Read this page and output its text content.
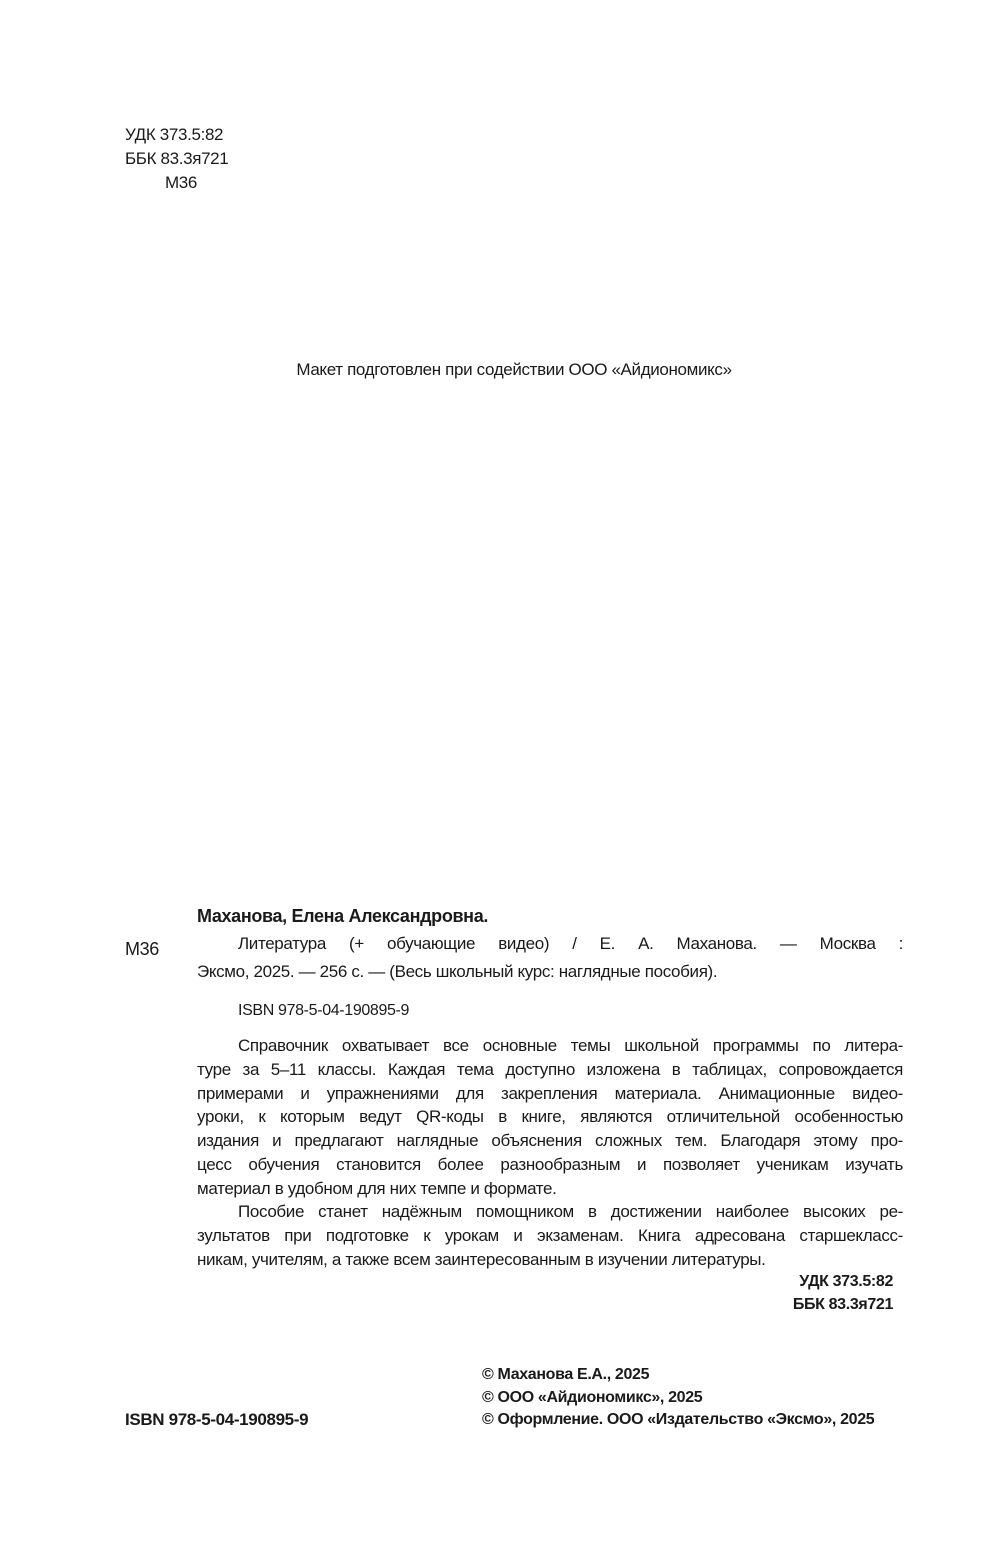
УДК 373.5:82
ББК 83.3я721
М36
Макет подготовлен при содействии ООО «Айдиономикс»
Маханова, Елена Александровна.
М36	Литература (+ обучающие видео) / Е. А. Маханова. — Москва :
Эксмо, 2025. — 256 с. — (Весь школьный курс: наглядные пособия).
ISBN 978-5-04-190895-9
Справочник охватывает все основные темы школьной программы по литера-
туре за 5–11 классы. Каждая тема доступно изложена в таблицах, сопровождается
примерами и упражнениями для закрепления материала. Анимационные видео-
уроки, к которым ведут QR-коды в книге, являются отличительной особенностью
издания и предлагают наглядные объяснения сложных тем. Благодаря этому про-
цесс обучения становится более разнообразным и позволяет ученикам изучать
материал в удобном для них темпе и формате.
Пособие станет надёжным помощником в достижении наиболее высоких ре-
зультатов при подготовке к урокам и экзаменам. Книга адресована старшекласс-
никам, учителям, а также всем заинтересованным в изучении литературы.
УДК 373.5:82
ББК 83.3я721
© Маханова Е.А., 2025
© ООО «Айдиономикс», 2025
© Оформление. ООО «Издательство «Эксмо», 2025
ISBN 978-5-04-190895-9
